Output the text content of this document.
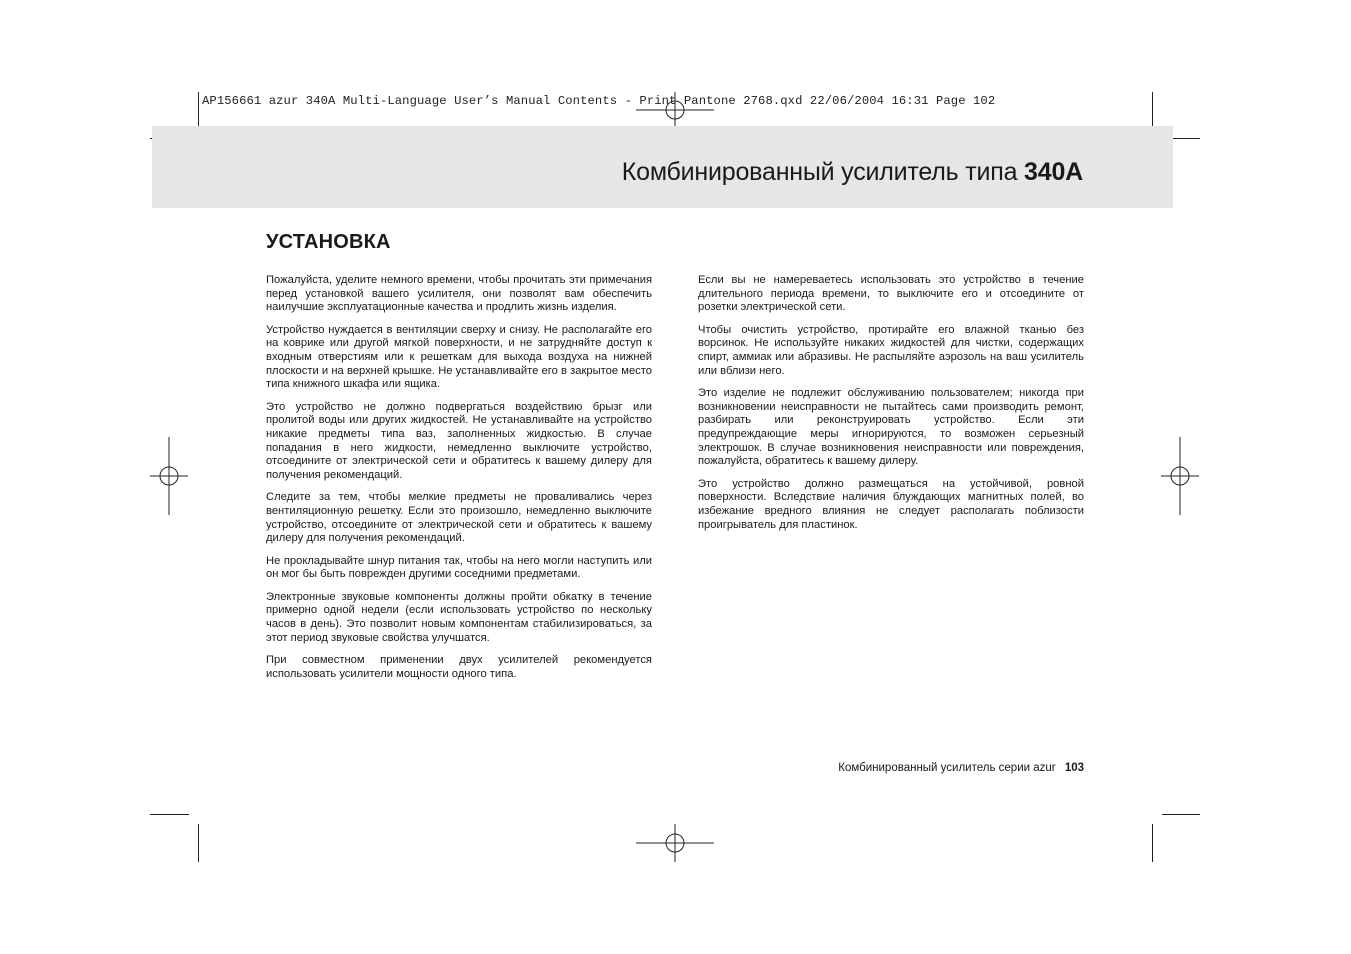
AP156661 azur 340A Multi-Language User’s Manual Contents - Print Pantone 2768.qxd 22/06/2004 16:31 Page 102
Комбинированный усилитель типа 340A
УСТАНОВКА

Пожалуйста, уделите немного времени, чтобы прочитать эти примечания перед установкой вашего усилителя, они позволят вам обеспечить наилучшие эксплуатационные качества и продлить жизнь изделия.

Устройство нуждается в вентиляции сверху и снизу. Не располагайте его на коврике или другой мягкой поверхности, и не затрудняйте доступ к входным отверстиям или к решеткам для выхода воздуха на нижней плоскости и на верхней крышке. Не устанавливайте его в закрытое место типа книжного шкафа или ящика.

Это устройство не должно подвергаться воздействию брызг или пролитой воды или других жидкостей. Не устанавливайте на устройство никакие предметы типа ваз, заполненных жидкостью. В случае попадания в него жидкости, немедленно выключите устройство, отсоедините от электрической сети и обратитесь к вашему дилеру для получения рекомендаций.

Следите за тем, чтобы мелкие предметы не проваливались через вентиляционную решетку. Если это произошло, немедленно выключите устройство, отсоедините от электрической сети и обратитесь к вашему дилеру для получения рекомендаций.

Не прокладывайте шнур питания так, чтобы на него могли наступить или он мог бы быть поврежден другими соседними предметами.

Электронные звуковые компоненты должны пройти обкатку в течение примерно одной недели (если использовать устройство по нескольку часов в день). Это позволит новым компонентам стабилизироваться, за этот период звуковые свойства улучшатся.

При совместном применении двух усилителей рекомендуется использовать усилители мощности одного типа.

Если вы не намереваетесь использовать это устройство в течение длительного периода времени, то выключите его и отсоедините от розетки электрической сети.

Чтобы очистить устройство, протирайте его влажной тканью без ворсинок. Не используйте никаких жидкостей для чистки, содержащих спирт, аммиак или абразивы. Не распыляйте аэрозоль на ваш усилитель или вблизи него.

Это изделие не подлежит обслуживанию пользователем; никогда при возникновении неисправности не пытайтесь сами производить ремонт, разбирать или реконструировать устройство. Если эти предупреждающие меры игнорируются, то возможен серьезный электрошок. В случае возникновения неисправности или повреждения, пожалуйста, обратитесь к вашему дилеру.

Это устройство должно размещаться на устойчивой, ровной поверхности. Вследствие наличия блуждающих магнитных полей, во избежание вредного влияния не следует располагать поблизости проигрыватель для пластинок.

Комбинированный усилитель серии azur 103
